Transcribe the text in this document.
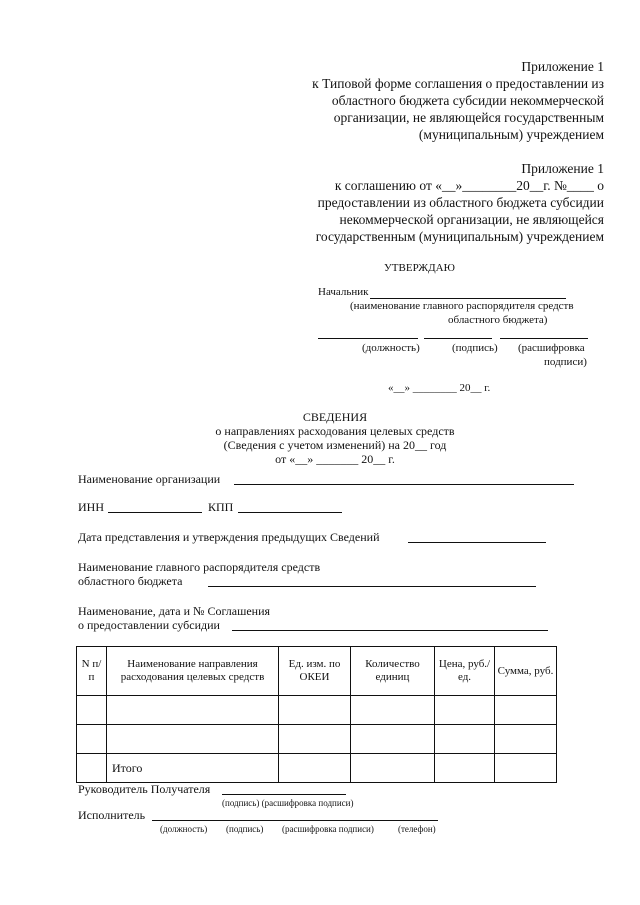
Приложение 1
к Типовой форме соглашения о предоставлении из
областного бюджета субсидии некоммерческой
организации, не являющейся государственным
(муниципальным) учреждением
Приложение 1
к соглашению от «__»________20__г. №____ о
предоставлении из областного бюджета субсидии
некоммерческой организации, не являющейся
государственным (муниципальным) учреждением
УТВЕРЖДАЮ
Начальник
(наименование главного распорядителя средств
областного бюджета)
(должность)	(подпись) (расшифровка
подписи)
«__» ________ 20__ г.
СВЕДЕНИЯ
о направлениях расходования целевых средств
(Сведения с учетом изменений) на 20__ год
от «__» _______ 20__ г.
Наименование организации
ИНН	КПП
Дата представления и утверждения предыдущих Сведений
Наименование главного распорядителя средств
областного бюджета
Наименование, дата и № Соглашения
о предоставлении субсидии
N п/п	Наименование направления расходования целевых средств	Ед. изм. по ОКЕИ	Количество единиц	Цена, руб./ед.	Сумма, руб.

	Итого				
Руководитель Получателя
(подпись) (расшифровка подписи)
Исполнитель
(должность) (подпись) (расшифровка подписи)	(телефон)
